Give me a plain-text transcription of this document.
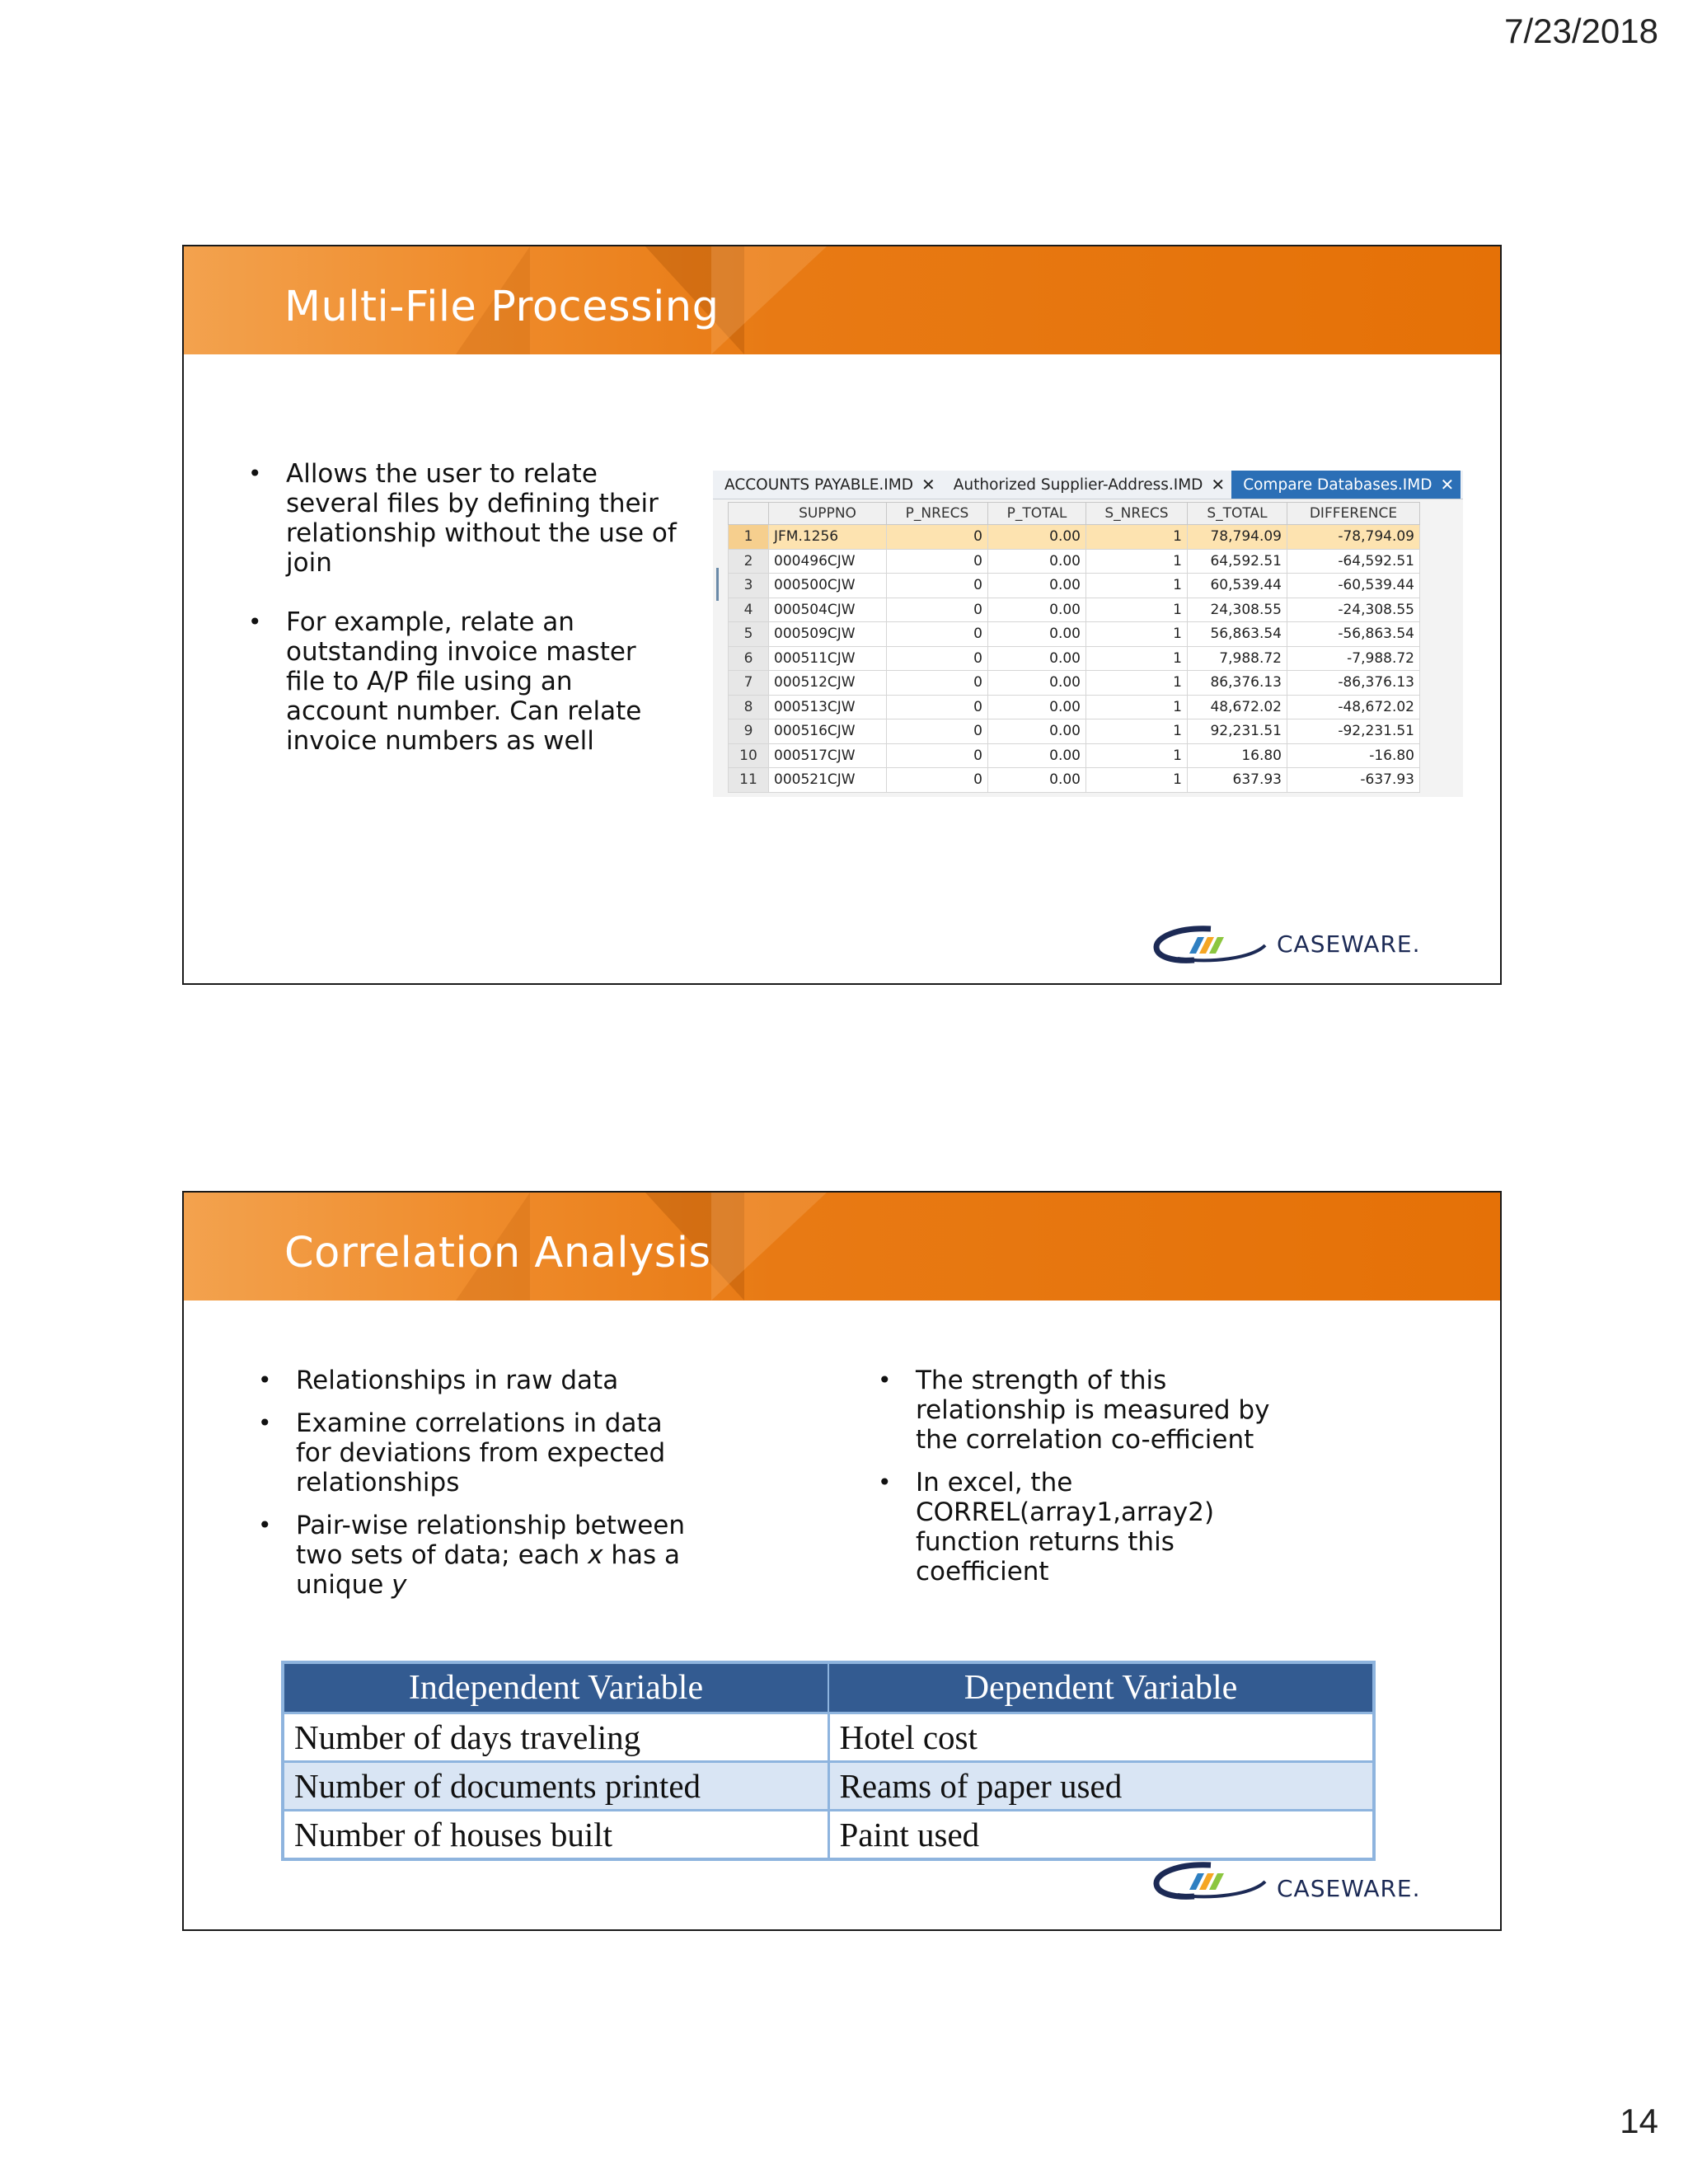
7/23/2018
Multi-File Processing
• Allows the user to relate several files by defining their relationship without the use of join
• For example, relate an outstanding invoice master file to A/P file using an account number. Can relate invoice numbers as well
ACCOUNTS PAYABLE.IMD ✕ Authorized Supplier-Address.IMD ✕ Compare Databases.IMD ✕
	SUPPNO	P_NRECS	P_TOTAL	S_NRECS	S_TOTAL	DIFFERENCE
1	JFM.1256	0	0.00	1	78,794.09	-78,794.09
2	000496CJW	0	0.00	1	64,592.51	-64,592.51
3	000500CJW	0	0.00	1	60,539.44	-60,539.44
4	000504CJW	0	0.00	1	24,308.55	-24,308.55
5	000509CJW	0	0.00	1	56,863.54	-56,863.54
6	000511CJW	0	0.00	1	7,988.72	-7,988.72
7	000512CJW	0	0.00	1	86,376.13	-86,376.13
8	000513CJW	0	0.00	1	48,672.02	-48,672.02
9	000516CJW	0	0.00	1	92,231.51	-92,231.51
10	000517CJW	0	0.00	1	16.80	-16.80
11	000521CJW	0	0.00	1	637.93	-637.93
CASEWARE.
Correlation Analysis
• Relationships in raw data
• Examine correlations in data for deviations from expected relationships
• Pair-wise relationship between two sets of data; each x has a unique y
• The strength of this relationship is measured by the correlation co-efficient
• In excel, the CORREL(array1,array2) function returns this coefficient
Independent Variable	Dependent Variable
Number of days traveling	Hotel cost
Number of documents printed	Reams of paper used
Number of houses built	Paint used
CASEWARE.
14
